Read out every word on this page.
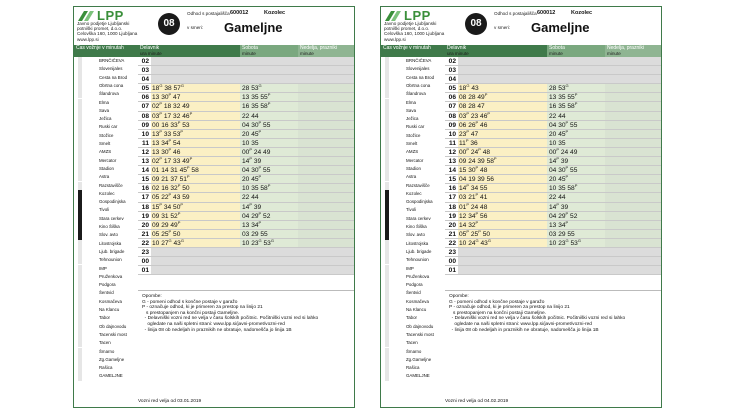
LPP
Javno podjetje Ljubljanski
potniški promet, d.o.o.
Celovška 160, 1000 Ljubljana
www.lpp.si
08
Odhod s postajališča 600012	Kozolec
v smeri: Gameljne
Čas vožnje v minutah	Delavnik
ura minute
Sobota
minute
Nedelja, prazniki
minute
BRNČIČEVA
Slovenijales
Cesta na Brod
Obrtna cona
Šlandrova
Elma
Sava
Ježica
Ruski car
Stožice
Smelt
AMZS
Mercator
Stadion
Astra
Razstavišče
Kozolec
Gospodinjska
Tivoli
Stara cerkev
Kino Šiška
Slov. avto
Litostrojska
Ljub. brigade
Tehnounion
IMP
Pruženkova
Podgora
Šentvid
Kosmačeva
Na Klancu
Tabor
Ob dajnovodu
Tacenski most
Tacen
Šmarno
Zg.Gameljne
Rašica
GAMELJNE
02
03
04
05 $18^G$ 38 $57^G$	28 $53^G$
06 13 $30^P$ 47	13 35 $55^P$
07 $02^P$ 18 32 49	16 35 $58^P$
08 $03^P$ 17 32 $46^P$	22 44
09 00 16 $33^P$ 53	04 $30^P$ 55
10 $13^P$ 33 $53^P$	20 $45^P$
11 13 $34^P$ 54	10 35
12 13 $30^P$ 46	$00^P$ 24 49
13 $02^P$ 17 33 $49^P$	$14^P$ 39
14 01 14 31 $45^P$ 58	04 $30^P$ 55
15 09 21 37 $51^P$	20 $45^P$
16 02 16 $32^P$ 50	10 35 $58^P$
17 05 $22^P$ 43 59	22 44
18 $15^P$ 34 $50^P$	$14^P$ 39
19 09 31 $52^P$	04 $29^P$ 52
20 09 29 $49^P$	13 $34^P$
21 05 $25^P$ 50	03 29 55
22 10 $27^G$ $43^G$	10 $23^G$ $53^G$
23
00
01

Opombe:

G - pomeni odhod s končne postaje v garažo

P - označuje odhod, ki je primeren za prestop na linijo 21

s prestopanjem na končni postaji Gameljne.

- Delavniški vozni red ne velja v času šolskih počitnic. Počitniški vozni red si lahko

ogledate na naši spletni strani: www.lpp.si/javni-promet/vozni-red

- linija 08 ob nedeljah in praznikih ne obratuje, nadomešča jo linija 1B

Vozni red velja od 03.01.2019
LPP
Javno podjetje Ljubljanski
potniški promet, d.o.o.
Celovška 160, 1000 Ljubljana
www.lpp.si
08
Odhod s postajališča 600012	Kozolec
v smeri: Gameljne
Čas vožnje v minutah	Delavnik
ura minute
Sobota
minute
Nedelja, prazniki
minute
BRNČIČEVA
Slovenijales
Cesta na Brod
Obrtna cona
Šlandrova
Elma
Sava
Ježica
Ruski car
Stožice
Smelt
AMZS
Mercator
Stadion
Astra
Razstavišče
Kozolec
Gospodinjska
Tivoli
Stara cerkev
Kino Šiška
Slov. avto
Litostrojska
Ljub. brigade
Tehnounion
IMP
Pruženkova
Podgora
Šentvid
Kosmačeva
Na Klancu
Tabor
Ob dajnovodu
Tacenski most
Tacen
Šmarno
Zg.Gameljne
Rašica
GAMELJNE
02
03
04
05 $18^G$ 43	28 $53^G$
06 08 28 $49^P$	13 35 $55^P$
07 08 28 47	16 35 $58^P$
08 $03^P$ 23 $46^P$	22 44
09 06 $26^P$ 46	04 $30^P$ 55
10 $23^P$ 47	20 $45^P$
11 $11^P$ 36	10 35
12 $00^P$ $24^P$ 48	$00^P$ 24 49
13 09 24 39 $58^P$	$14^P$ 39
14 15 $30^P$ 48	04 $30^P$ 55
15 04 19 39 56	20 $45^P$
16 $14^P$ 34 55	10 35 $58^P$
17 03 $21^P$ 41	22 44
18 $01^P$ 24 48	$14^P$ 39
19 12 $34^P$ 56	04 $29^P$ 52
20 14 $32^P$	13 $34^P$
21 $05^P$ $25^P$ 50	03 29 55
22 10 $24^G$ $43^G$	10 $23^G$ $53^G$
23
00
01

Opombe:

G - pomeni odhod s končne postaje v garažo

P - označuje odhod, ki je primeren za prestop na linijo 21

s prestopanjem na končni postaji Gameljne.

- Delavniški vozni red ne velja v času šolskih počitnic. Počitniški vozni red si lahko

ogledate na naši spletni strani: www.lpp.si/javni-promet/vozni-red

- linija 08 ob nedeljah in praznikih ne obratuje, nadomešča jo linija 1B

Vozni red velja od 04.02.2019
